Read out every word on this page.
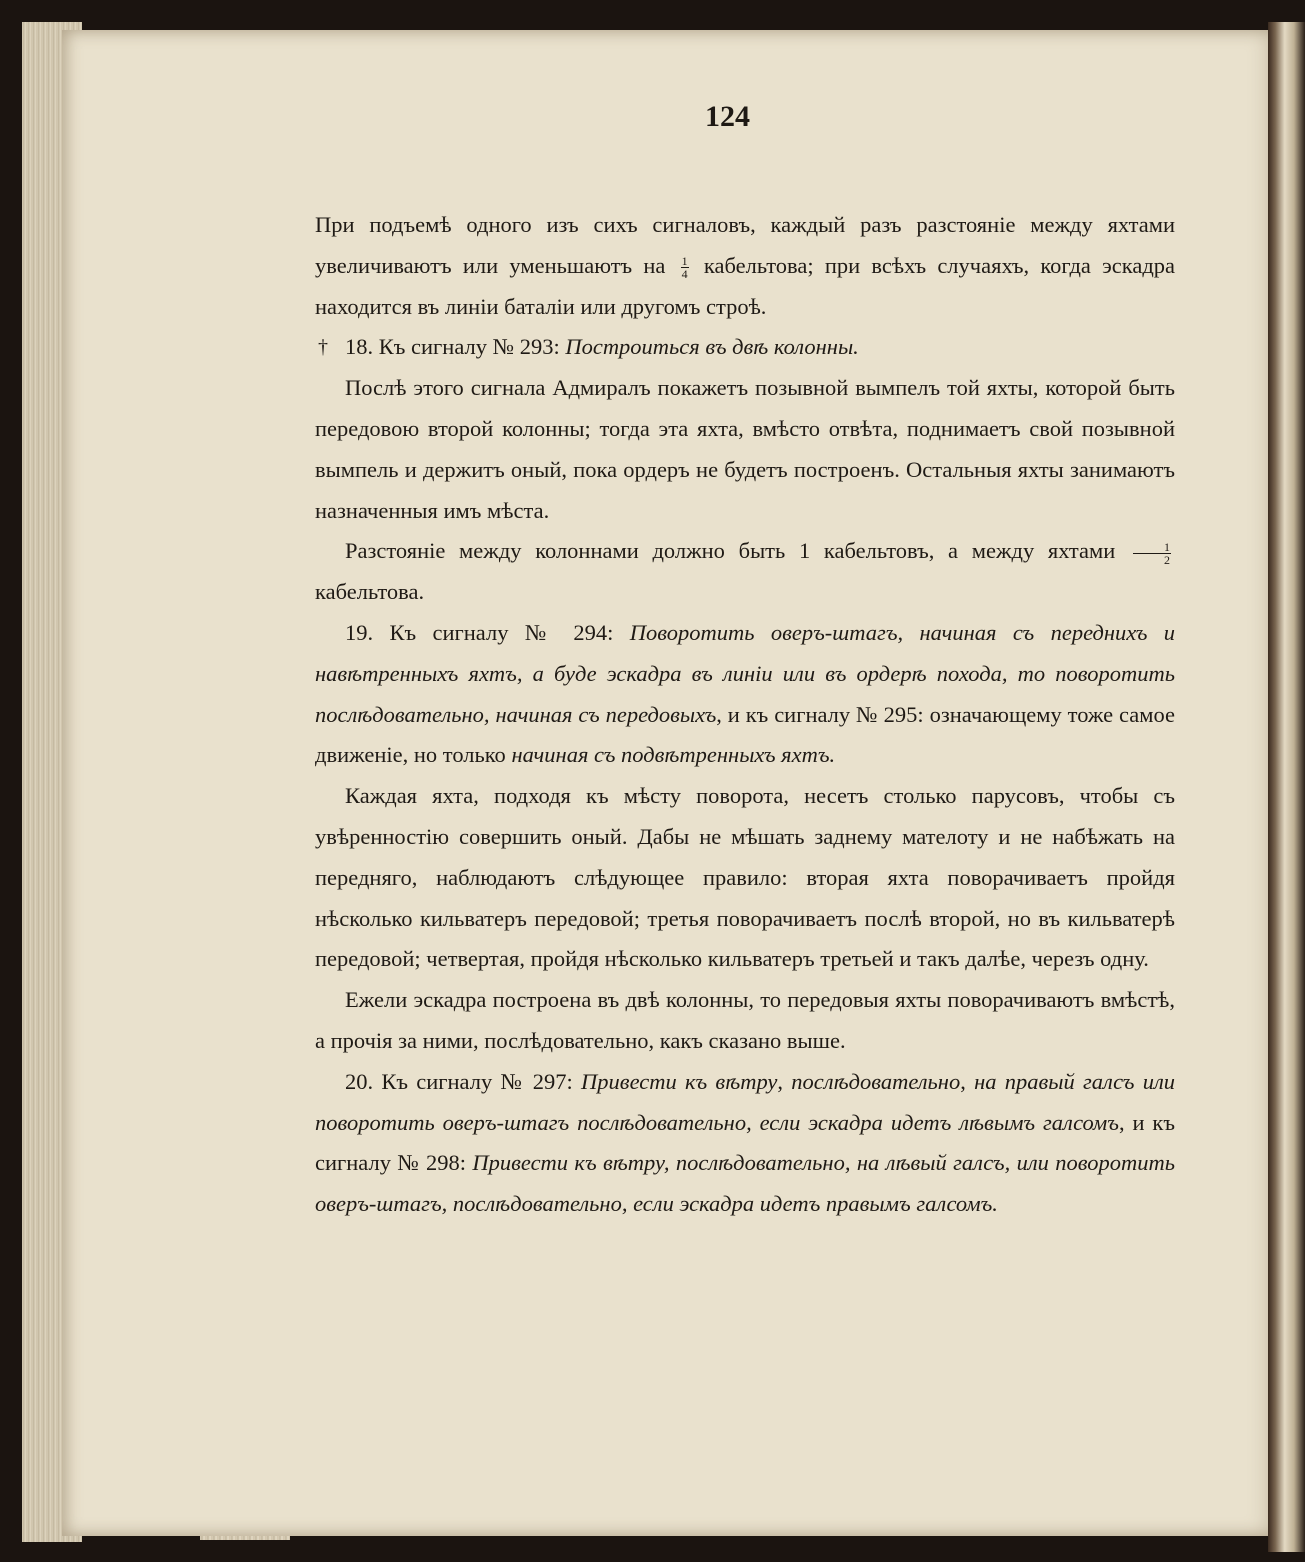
124

При подъемѣ одного изъ сихъ сигналовъ, каждый разъ разстоянiе между яхтами увеличиваютъ или уменьшаютъ на $\frac{1}{4}$ кабельтова; при всѣхъ случаяхъ, когда эскадра находится въ линiи баталiи или другомъ строѣ.

† 18. Къ сигналу № 293: Построиться въ двѣ колонны.

Послѣ этого сигнала Адмиралъ покажетъ позывной вымпелъ той яхты, которой быть передовою второй колонны; тогда эта яхта, вмѣсто отвѣта, поднимаетъ свой позывной вымпель и держитъ оный, пока ордеръ не будетъ построенъ. Остальныя яхты занимаютъ назначенныя имъ мѣста.

Разстоянiе между колоннами должно быть 1 кабельтовъ, а между яхтами $\frac{1}{2}$
кабельтова.

19. Къ сигналу № 294: Поворотить оверъ-штагъ, начиная съ переднихъ и навѣтренныхъ яхтъ, а буде эскадра въ линiи или въ ордерѣ похода, то поворотить послѣдовательно, начиная съ передовыхъ, и къ сигналу № 295: означающему тоже самое движенiе, но только начиная съ подвѣтренныхъ яхтъ.

Каждая яхта, подходя къ мѣсту поворота, несетъ столько парусовъ, чтобы съ увѣренностiю совершить оный. Дабы не мѣшать заднему мателоту и не набѣжать на передняго, наблюдаютъ слѣдующее правило: вторая яхта поворачиваетъ пройдя нѣсколько кильватеръ передовой; третья поворачиваетъ послѣ второй, но въ кильватерѣ передовой; четвертая, пройдя нѣсколько кильватеръ третьей и такъ далѣе, черезъ одну.

Ежели эскадра построена въ двѣ колонны, то передовыя яхты поворачиваютъ вмѣстѣ, а прочiя за ними, послѣдовательно, какъ сказано выше.

20. Къ сигналу № 297: Привести къ вѣтру, послѣдовательно, на правый галсъ или поворотить оверъ-штагъ послѣдовательно, если эскадра идетъ лѣвымъ галсомъ, и къ сигналу № 298: Привести къ вѣтру, послѣдовательно, на лѣвый галсъ, или поворотить оверъ-штагъ, послѣдовательно, если эскадра идетъ правымъ галсомъ.
